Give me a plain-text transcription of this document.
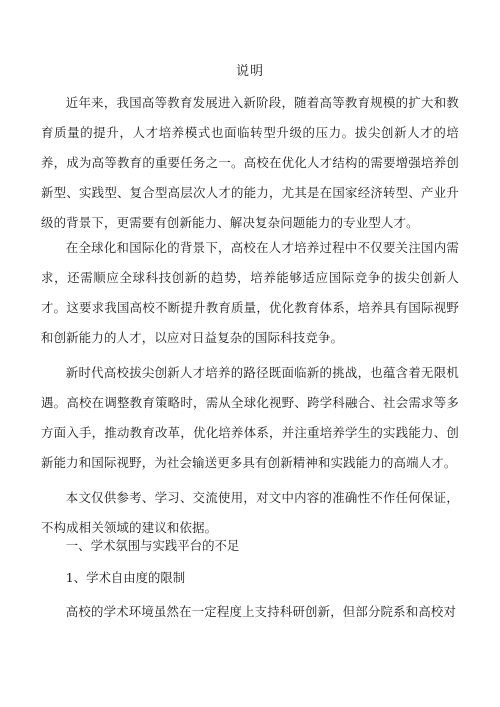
说明

近年来，我国高等教育发展进入新阶段，随着高等教育规模的扩大和教育质量的提升，人才培养模式也面临转型升级的压力。拔尖创新人才的培养，成为高等教育的重要任务之一。高校在优化人才结构的需要增强培养创新型、实践型、复合型高层次人才的能力，尤其是在国家经济转型、产业升级的背景下，更需要有创新能力、解决复杂问题能力的专业型人才。

在全球化和国际化的背景下，高校在人才培养过程中不仅要关注国内需求，还需顺应全球科技创新的趋势，培养能够适应国际竞争的拔尖创新人才。这要求我国高校不断提升教育质量，优化教育体系，培养具有国际视野和创新能力的人才，以应对日益复杂的国际科技竞争。

新时代高校拔尖创新人才培养的路径既面临新的挑战，也蕴含着无限机遇。高校在调整教育策略时，需从全球化视野、跨学科融合、社会需求等多方面入手，推动教育改革，优化培养体系，并注重培养学生的实践能力、创新能力和国际视野，为社会输送更多具有创新精神和实践能力的高端人才。

本文仅供参考、学习、交流使用，对文中内容的准确性不作任何保证，不构成相关领域的建议和依据。

一、学术氛围与实践平台的不足

1、学术自由度的限制

高校的学术环境虽然在一定程度上支持科研创新，但部分院系和高校对
